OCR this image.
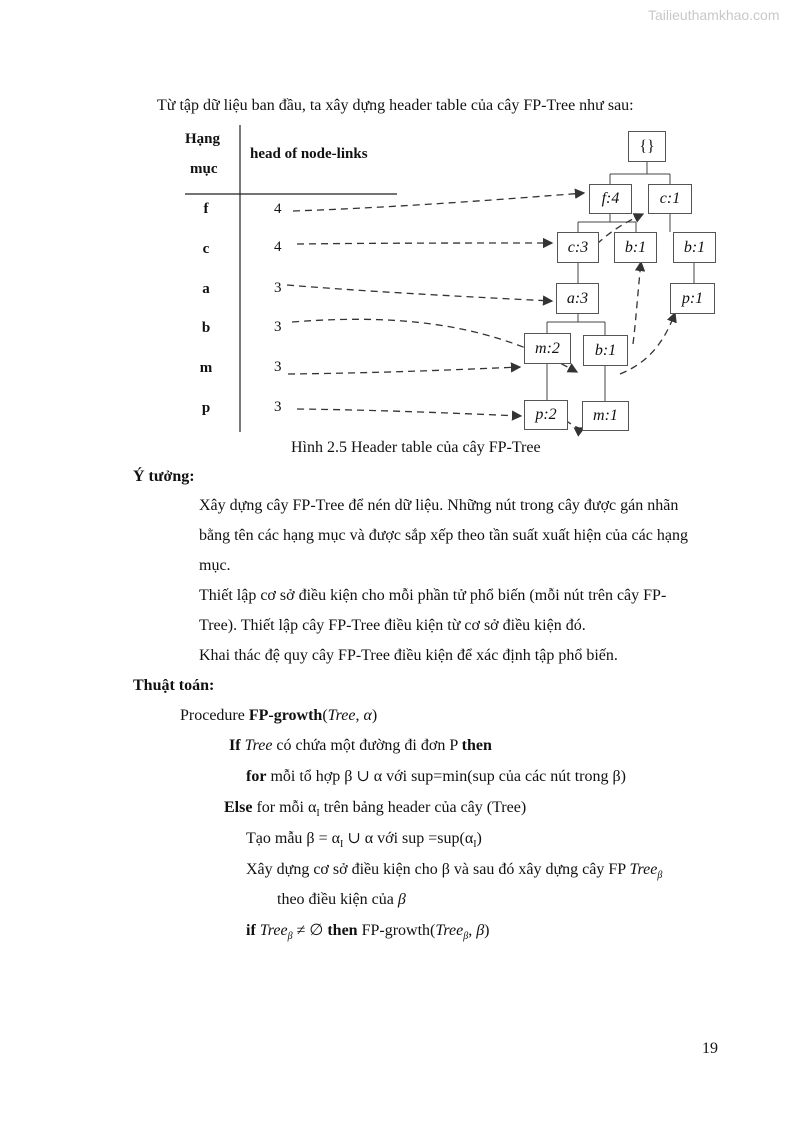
Tailieuthamkhao.com
Từ tập dữ liệu ban đầu, ta xây dựng header table của cây FP-Tree như sau:
Hạng
mục
head of node-links
f	4
c	4
a	3
b	3
m	3
p	3
{}
f:4	c:1
c:3	b:1	b:1
a:3	p:1
m:2	b:1
p:2	m:1
Hình 2.5 Header table của cây FP-Tree
Ý tưởng:
Xây dựng cây FP-Tree để nén dữ liệu. Những nút trong cây được gán nhãn
bằng tên các hạng mục và được sắp xếp theo tần suất xuất hiện của các hạng
mục.
Thiết lập cơ sở điều kiện cho mỗi phần tử phổ biến (mỗi nút trên cây FP-
Tree). Thiết lập cây FP-Tree điều kiện từ cơ sở điều kiện đó.
Khai thác đệ quy cây FP-Tree điều kiện để xác định tập phổ biến.
Thuật toán:
Procedure FP-growth(Tree, α)
If Tree có chứa một đường đi đơn P then
for mỗi tổ hợp β ∪ α với sup=min(sup của các nút trong β)
Else for mỗi $\alpha_I$ trên bảng header của cây (Tree)
Tạo mẫu $\beta = \alpha_I$ ∪ α với sup $=sup(\alpha_I)$
Xây dựng cơ sở điều kiện cho β và sau đó xây dựng cây FP Tree$_\beta$
theo điều kiện của β
if Tree$_\beta$ ≠ ∅ then FP-growth(Tree$_\beta$, β)
19
